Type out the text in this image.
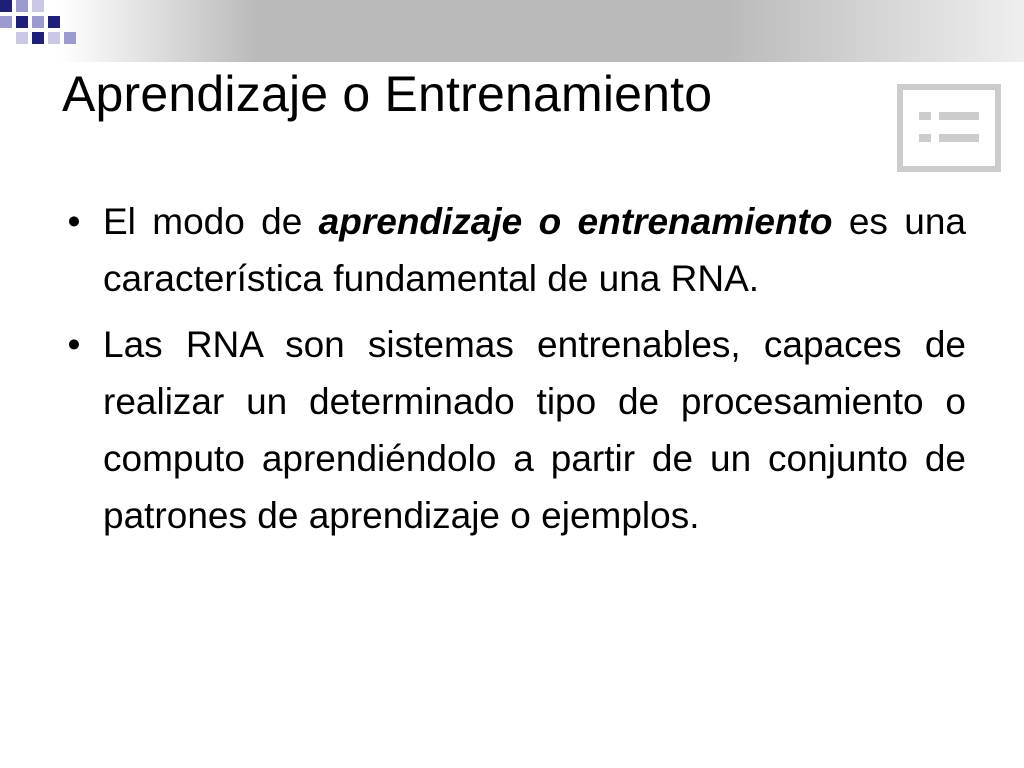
Aprendizaje o Entrenamiento
• El modo de aprendizaje o entrenamiento es una característica fundamental de una RNA.
• Las RNA son sistemas entrenables, capaces de realizar un determinado tipo de procesamiento o computo aprendiéndolo a partir de un conjunto de patrones de aprendizaje o ejemplos.
